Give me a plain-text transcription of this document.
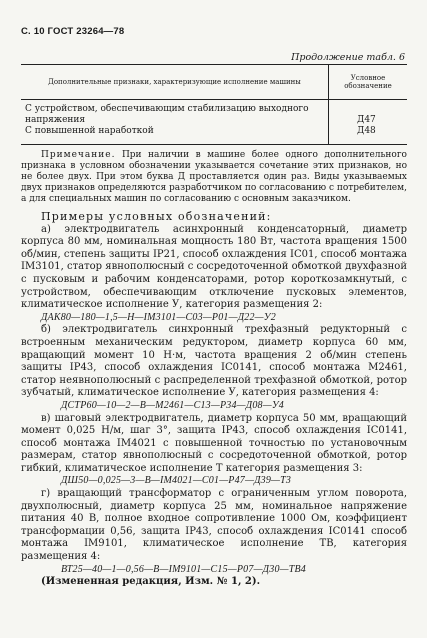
С. 10 ГОСТ 23264—78
Продолжение табл. 6
Дополнительные признаки, характеризующие исполнение машины	Условное обозначение
С устройством, обеспечивающим стабилизацию выходного
напряжения
С повышенной наработкой
Д47
Д48

Примечание. При наличии в машине более одного дополнительного признака в условном обозначении указывается сочетание этих признаков, но не более двух. При этом буква Д проставляется один раз. Виды указываемых двух признаков определяются разработчиком по согласованию с потребителем, а для специальных машин по согласованию с основным заказчиком.

Примеры условных обозначений:

а) электродвигатель асинхронный конденсаторный, диаметр корпуса 80 мм, номинальная мощность 180 Вт, частота вращения 1500 об/мин, степень защиты IP21, способ охлаждения IC01, способ монтажа IM3101, статор явнополюсный с сосредоточенной обмоткой двухфазной с пусковым и рабочим конденсаторами, ротор короткозамкнутый, с устройством, обеспечивающим отключение пусковых элементов, климатическое исполнение У, категория размещения 2:

ДАК80—180—1,5—Н—IM3101—С03—Р01—Д22—У2

б) электродвигатель синхронный трехфазный редукторный с встроенным механическим редуктором, диаметр корпуса 60 мм, вращающий момент 10 Н·м, частота вращения 2 об/мин степень защиты IP43, способ охлаждения IC0141, способ монтажа M2461, статор неявнополюсный с распределенной трехфазной обмоткой, ротор зубчатый, климатическое исполнение У, категория размещения 4:

ДСТР60—10—2—В—M2461—С13—Р34—Д08—У4

в) шаговый электродвигатель, диаметр корпуса 50 мм, вращающий момент 0,025 Н/м, шаг 3°, защита IP43, способ охлаждения IC0141, способ монтажа IM4021 с повышенной точностью по установочным размерам, статор явнополюсный с сосредоточенной обмоткой, ротор гибкий, климатическое исполнение Т категория размещения 3:

ДШ50—0,025—3—В—IM4021—С01—Р47—Д39—Т3

г) вращающий трансформатор с ограниченным углом поворота, двухполюсный, диаметр корпуса 25 мм, номинальное напряжение питания 40 В, полное входное сопротивление 1000 Ом, коэффициент трансформации 0,56, защита IP43, способ охлаждения IC0141 способ монтажа IM9101, климатическое исполнение ТВ, категория размещения 4:

ВТ25—40—1—0,56—В—IM9101—С15—Р07—Д30—ТВ4

(Измененная редакция, Изм. № 1, 2).
